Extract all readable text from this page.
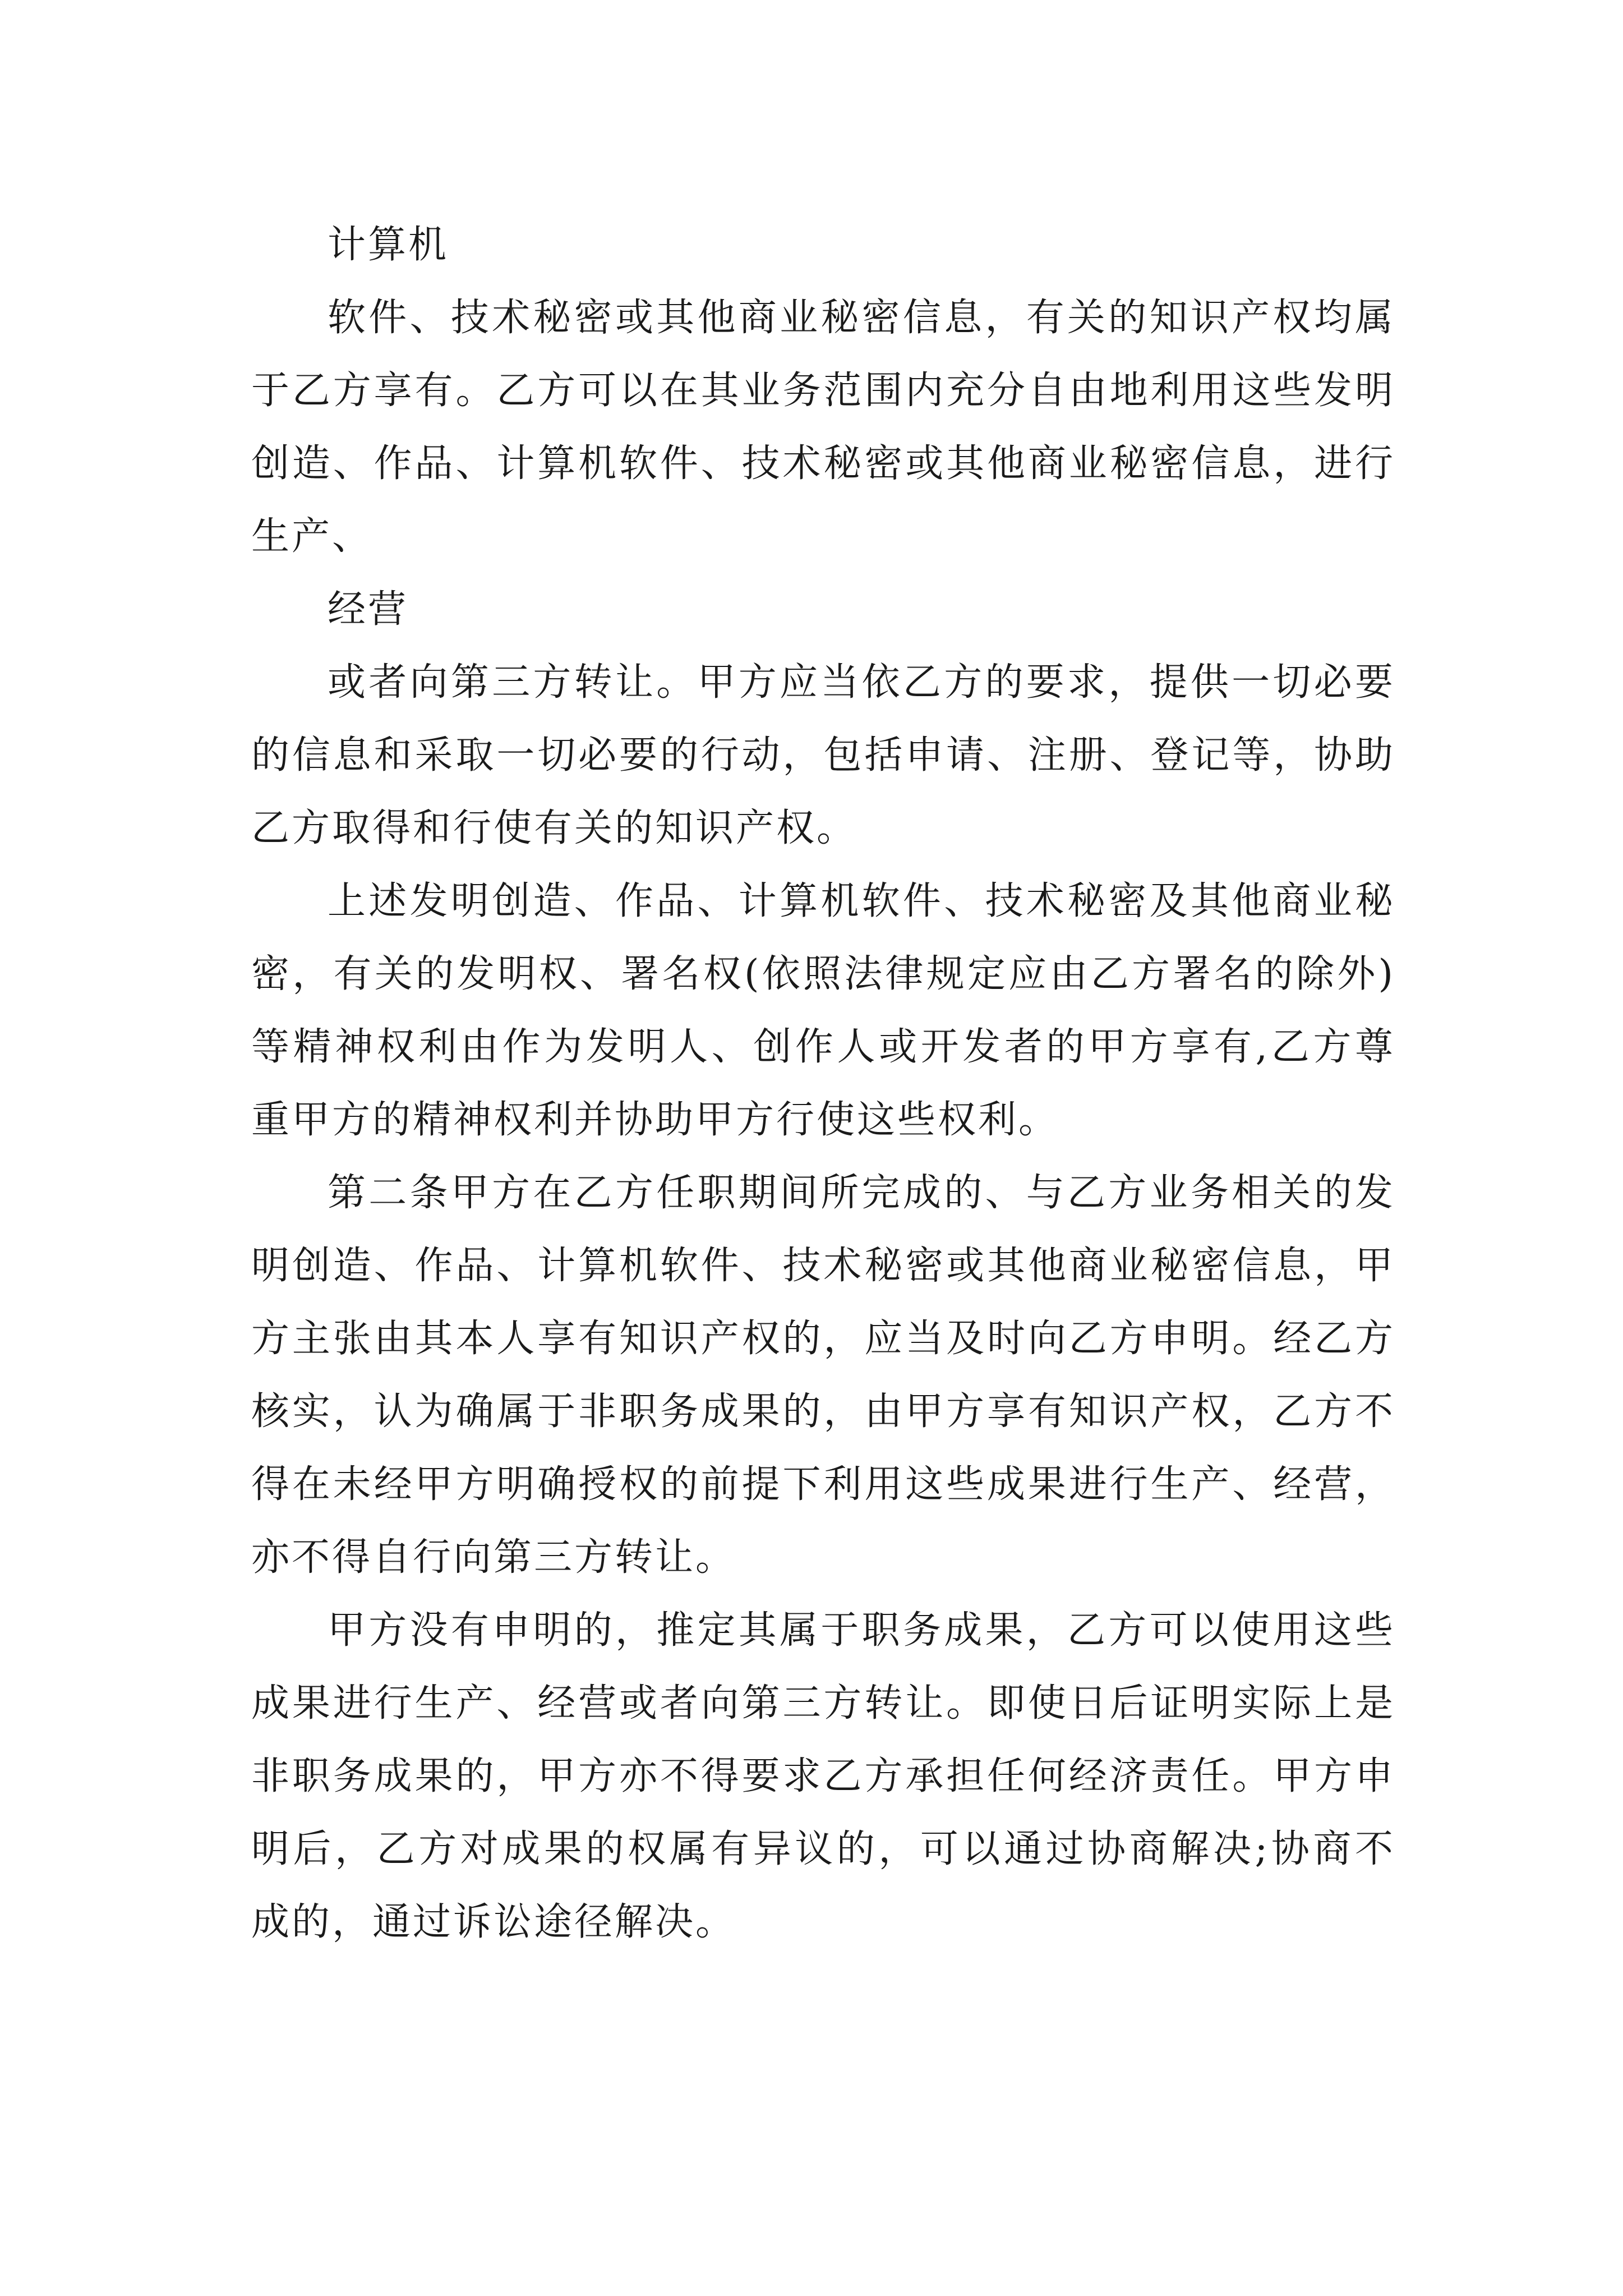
计算机

软件、技术秘密或其他商业秘密信息，有关的知识产权均属于乙方享有。乙方可以在其业务范围内充分自由地利用这些发明创造、作品、计算机软件、技术秘密或其他商业秘密信息，进行生产、

经营

或者向第三方转让。甲方应当依乙方的要求，提供一切必要的信息和采取一切必要的行动，包括申请、注册、登记等，协助乙方取得和行使有关的知识产权。

上述发明创造、作品、计算机软件、技术秘密及其他商业秘密，有关的发明权、署名权(依照法律规定应由乙方署名的除外)等精神权利由作为发明人、创作人或开发者的甲方享有,乙方尊重甲方的精神权利并协助甲方行使这些权利。

第二条甲方在乙方任职期间所完成的、与乙方业务相关的发明创造、作品、计算机软件、技术秘密或其他商业秘密信息，甲方主张由其本人享有知识产权的，应当及时向乙方申明。经乙方核实，认为确属于非职务成果的，由甲方享有知识产权，乙方不得在未经甲方明确授权的前提下利用这些成果进行生产、经营，亦不得自行向第三方转让。

甲方没有申明的，推定其属于职务成果，乙方可以使用这些成果进行生产、经营或者向第三方转让。即使日后证明实际上是非职务成果的，甲方亦不得要求乙方承担任何经济责任。甲方申明后，乙方对成果的权属有异议的，可以通过协商解决;协商不成的，通过诉讼途径解决。
